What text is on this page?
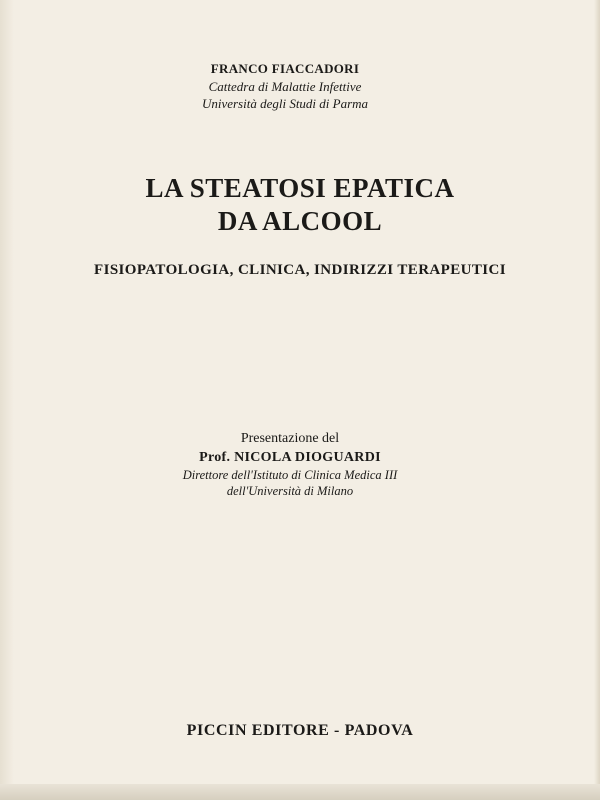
FRANCO FIACCADORI
Cattedra di Malattie Infettive
Università degli Studi di Parma
LA STEATOSI EPATICA
DA ALCOOL
FISIOPATOLOGIA, CLINICA, INDIRIZZI TERAPEUTICI
Presentazione del
Prof. NICOLA DIOGUARDI
Direttore dell'Istituto di Clinica Medica III
dell'Università di Milano
PICCIN EDITORE - PADOVA
